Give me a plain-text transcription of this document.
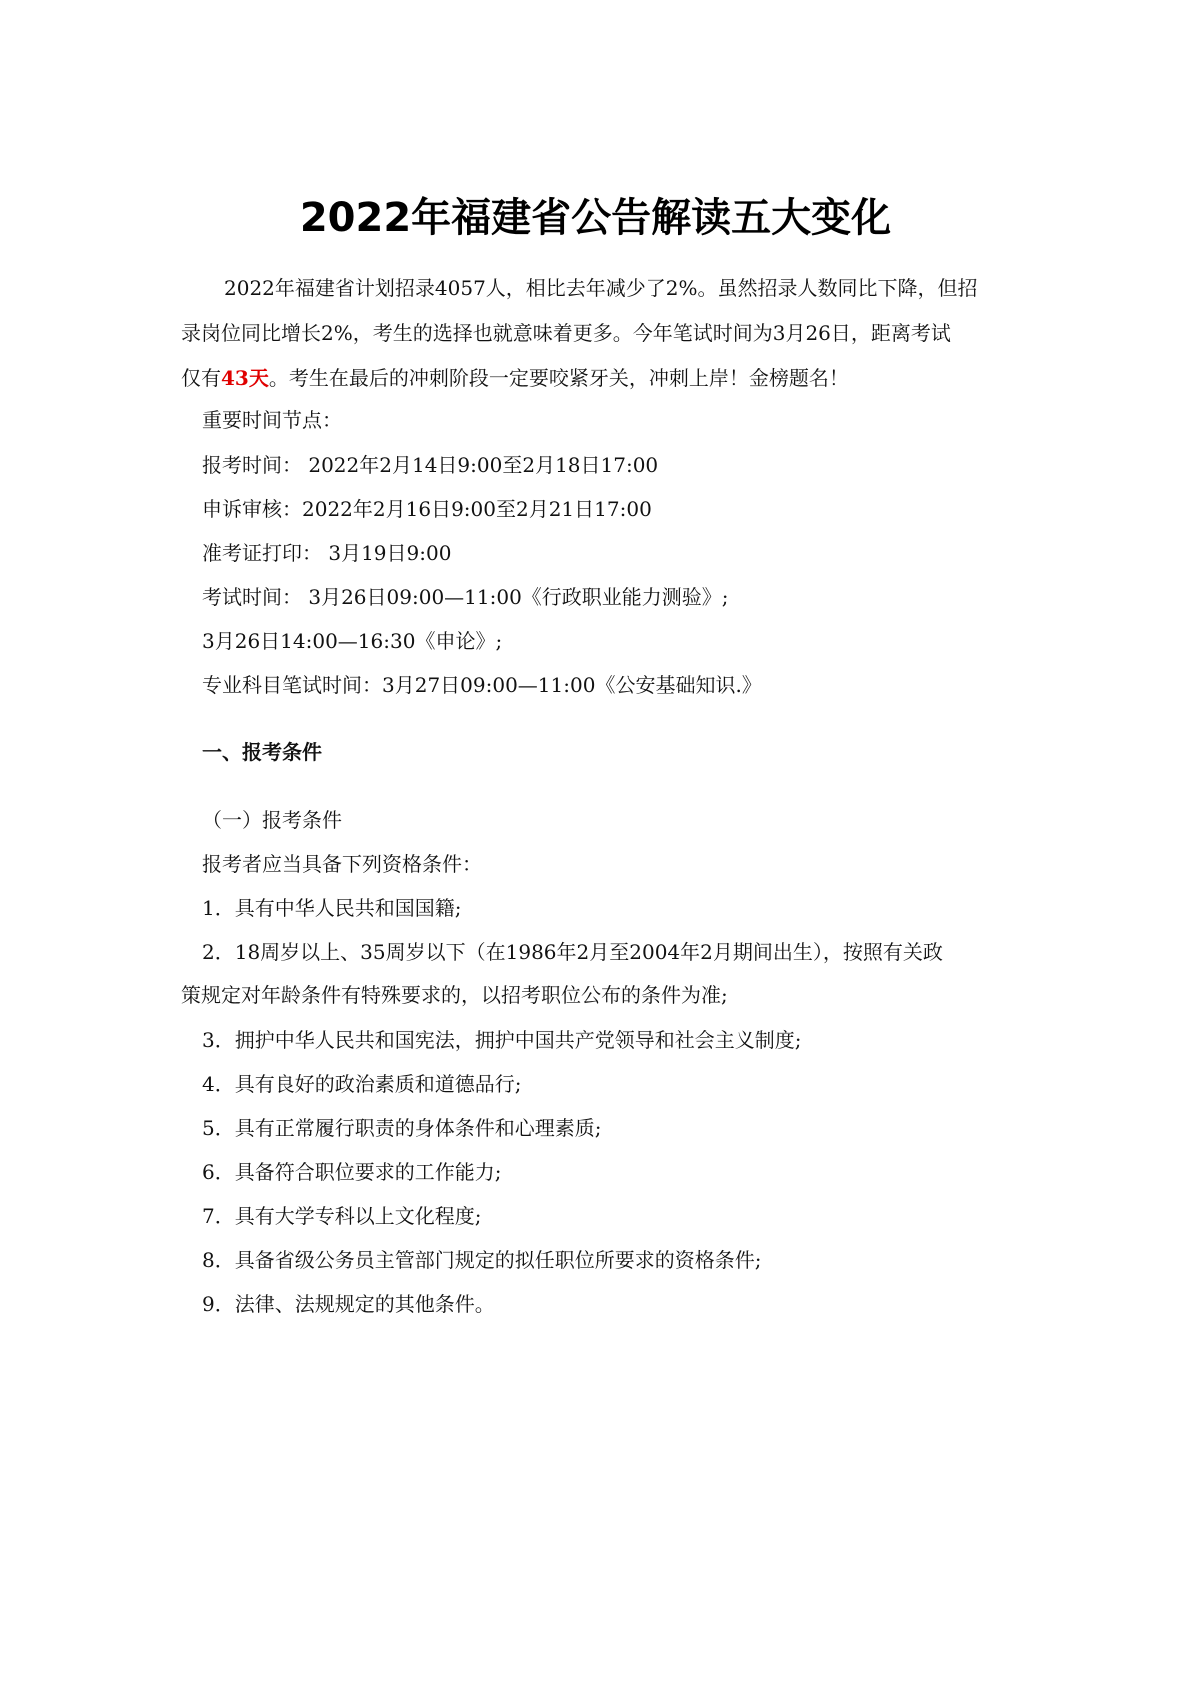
2022年福建省公告解读五大变化

2022年福建省计划招录4057人，相比去年减少了2%。虽然招录人数同比下降，但招

录岗位同比增长2%，考生的选择也就意味着更多。今年笔试时间为3月26日，距离考试

仅有43天。考生在最后的冲刺阶段一定要咬紧牙关，冲刺上岸！金榜题名！

重要时间节点：

报考时间： 2022年2月14日9:00至2月18日17:00

申诉审核：2022年2月16日9:00至2月21日17:00

准考证打印： 3月19日9:00

考试时间： 3月26日09:00—11:00《行政职业能力测验》;

3月26日14:00—16:30《申论》;

专业科目笔试时间：3月27日09:00—11:00《公安基础知识.》

一、报考条件

（一）报考条件

报考者应当具备下列资格条件：

1．具有中华人民共和国国籍;

2．18周岁以上、35周岁以下（在1986年2月至2004年2月期间出生），按照有关政

策规定对年龄条件有特殊要求的，以招考职位公布的条件为准;

3．拥护中华人民共和国宪法，拥护中国共产党领导和社会主义制度;

4．具有良好的政治素质和道德品行;

5．具有正常履行职责的身体条件和心理素质;

6．具备符合职位要求的工作能力;

7．具有大学专科以上文化程度;

8．具备省级公务员主管部门规定的拟任职位所要求的资格条件;

9．法律、法规规定的其他条件。
